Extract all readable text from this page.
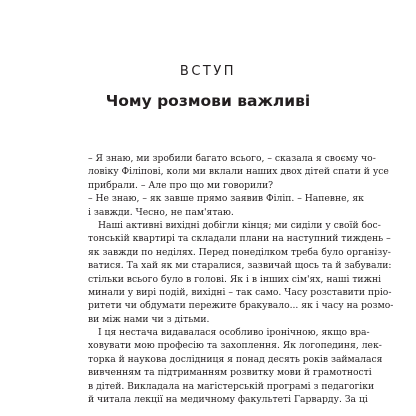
ВСТУП
Чому розмови важливі
– Я знаю, ми зробили багато всього, – сказала я своєму чо-
ловіку Філіпові, коли ми вклали наших двох дітей спати й усе
прибрали. – Але про що ми говорили?
– Не знаю, – як завше прямо заявив Філіп. – Напевне, як
і завжди. Чесно, не пам'ятаю.
Наші активні вихідні добігли кінця; ми сиділи у своїй бос-
тонській квартирі та складали плани на наступний тиждень –
як завжди по неділях. Перед понеділком треба було організу-
ватися. Та хай як ми старалися, зазвичай щось та й забували:
стільки всього було в голові. Як і в інших сім'ях, наші тижні
минали у вирі подій, вихідні – так само. Часу розставити пріо-
ритети чи обдумати пережите бракувало... як і часу на розмо-
ви між нами чи з дітьми.
І ця нестача видавалася особливо іронічною, якщо вра-
ховувати мою професію та захоплення. Як логопединя, лек-
торка й наукова дослідниця я понад десять років займалася
вивченням та підтриманням розвитку мови й грамотності
в дітей. Викладала на магістерській програмі з педагогіки
й читала лекції на медичному факультеті Гарварду. За ці
